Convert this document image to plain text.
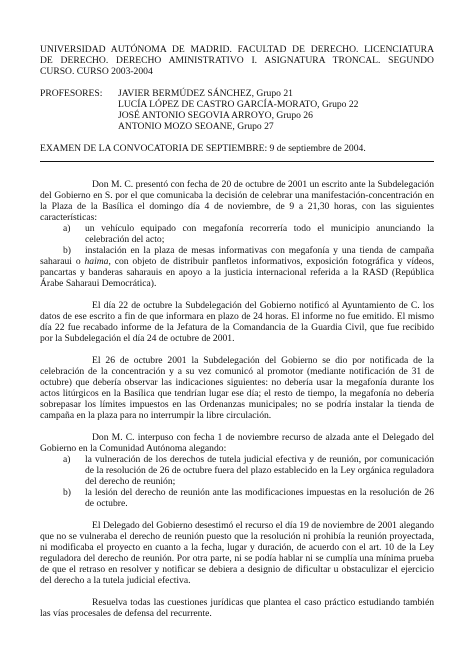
UNIVERSIDAD AUTÓNOMA DE MADRID. FACULTAD DE DERECHO. LICENCIATURA
DE DERECHO. DERECHO AMINISTRATIVO I. ASIGNATURA TRONCAL. SEGUNDO
CURSO. CURSO 2003-2004
PROFESORES:	JAVIER BERMÚDEZ SÁNCHEZ, Grupo 21
LUCÍA LÓPEZ DE CASTRO GARCÍA-MORATO, Grupo 22
JOSÉ ANTONIO SEGOVIA ARROYO, Grupo 26
ANTONIO MOZO SEOANE, Grupo 27
EXAMEN DE LA CONVOCATORIA DE SEPTIEMBRE: 9 de septiembre de 2004.

Don M. C. presentó con fecha de 20 de octubre de 2001 un escrito ante la Subdelegación del Gobierno en S. por el que comunicaba la decisión de celebrar una manifestación-concentración en la Plaza de la Basílica el domingo día 4 de noviembre, de 9 a 21,30 horas, con las siguientes características:

a)	un vehículo equipado con megafonía recorrería todo el municipio anunciando la celebración del acto;

b) instalación en la plaza de mesas informativas con megafonía y una tienda de campaña saharaui o haima, con objeto de distribuir panfletos informativos, exposición fotográfica y vídeos, pancartas y banderas saharauis en apoyo a la justicia internacional referida a la RASD (República Árabe Saharaui Democrática).

El día 22 de octubre la Subdelegación del Gobierno notificó al Ayuntamiento de C. los datos de ese escrito a fin de que informara en plazo de 24 horas. El informe no fue emitido. El mismo día 22 fue recabado informe de la Jefatura de la Comandancia de la Guardia Civil, que fue recibido por la Subdelegación el día 24 de octubre de 2001.

El 26 de octubre 2001 la Subdelegación del Gobierno se dio por notificada de la celebración de la concentración y a su vez comunicó al promotor (mediante notificación de 31 de octubre) que debería observar las indicaciones siguientes: no debería usar la megafonía durante los actos litúrgicos en la Basílica que tendrían lugar ese día; el resto de tiempo, la megafonía no debería sobrepasar los límites impuestos en las Ordenanzas municipales; no se podría instalar la tienda de campaña en la plaza para no interrumpir la libre circulación.

Don M. C. interpuso con fecha 1 de noviembre recurso de alzada ante el Delegado del Gobierno en la Comunidad Autónoma alegando:

a)	la vulneración de los derechos de tutela judicial efectiva y de reunión, por comunicación de la resolución de 26 de octubre fuera del plazo establecido en la Ley orgánica reguladora del derecho de reunión;
b)	la lesión del derecho de reunión ante las modificaciones impuestas en la resolución de 26 de octubre.

El Delegado del Gobierno desestimó el recurso el día 19 de noviembre de 2001 alegando que no se vulneraba el derecho de reunión puesto que la resolución ni prohibía la reunión proyectada, ni modificaba el proyecto en cuanto a la fecha, lugar y duración, de acuerdo con el art. 10 de la Ley reguladora del derecho de reunión. Por otra parte, ni se podía hablar ni se cumplía una mínima prueba de que el retraso en resolver y notificar se debiera a designio de dificultar u obstaculizar el ejercicio del derecho a la tutela judicial efectiva.

Resuelva todas las cuestiones jurídicas que plantea el caso práctico estudiando también las vías procesales de defensa del recurrente.
